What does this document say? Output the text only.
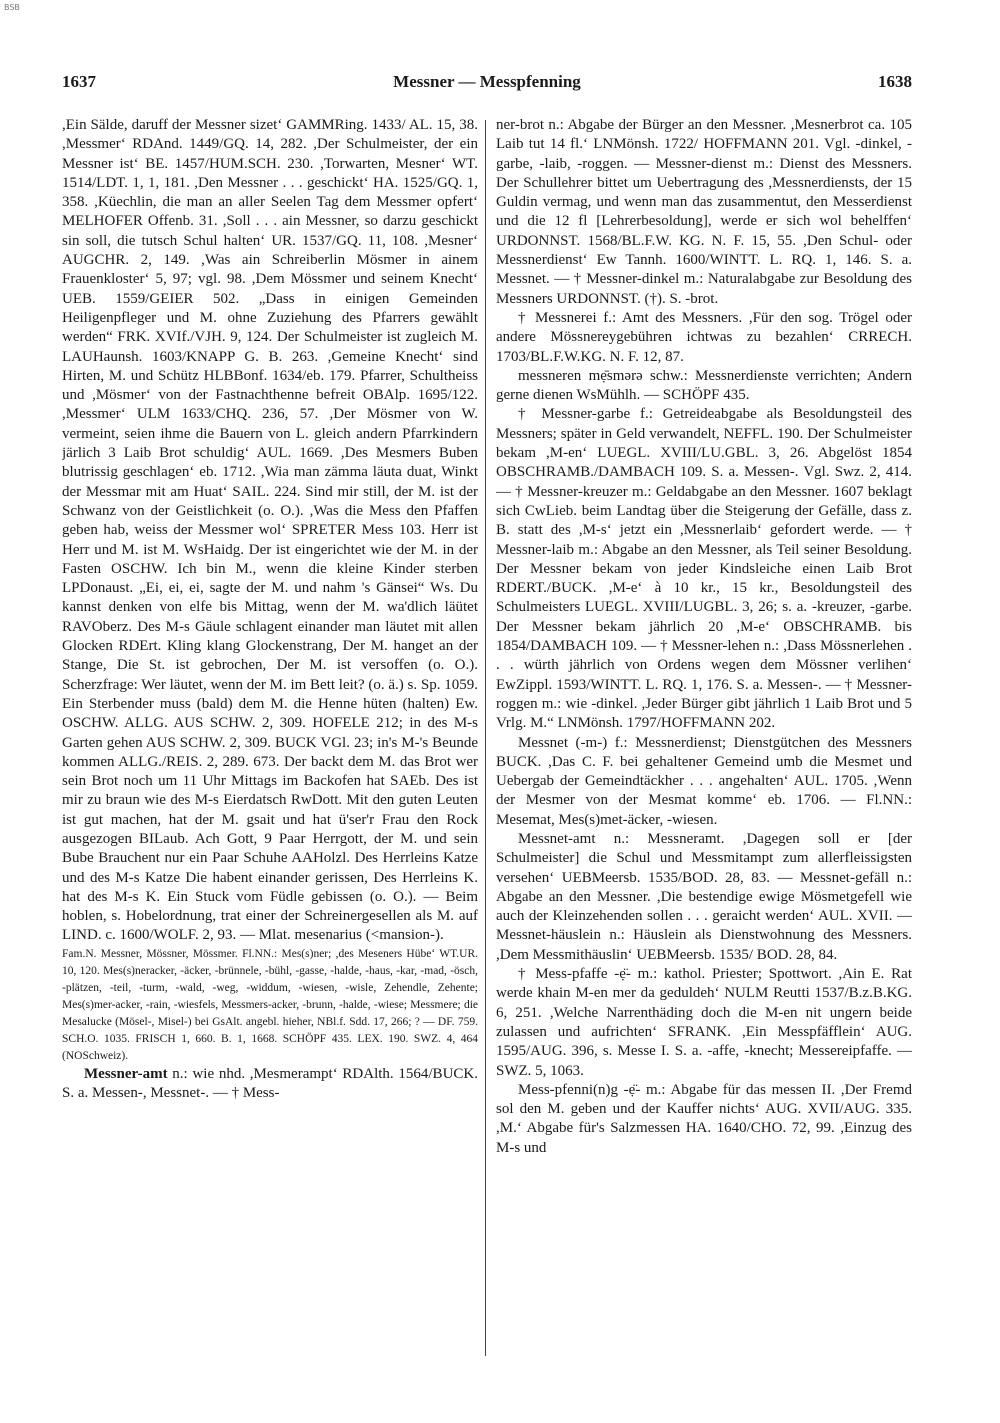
BSB
1637	Messner — Messpfenning	1638

,Ein Sälde, daruff der Messner sizet‘ GAMMRing. 1433/ AL. 15, 38. ,Messmer‘ RDAnd. 1449/GQ. 14, 282. ,Der Schulmeister, der ein Messner ist‘ BE. 1457/HUM.SCH. 230. ,Torwarten, Mesner‘ WT. 1514/LDT. 1, 1, 181. ,Den Messner . . . geschickt‘ HA. 1525/GQ. 1, 358. ,Küechlin, die man an aller Seelen Tag dem Messmer opfert‘ MELHOFER Offenb. 31. ,Soll . . . ain Messner, so darzu geschickt sin soll, die tutsch Schul halten‘ UR. 1537/GQ. 11, 108. ,Mesner‘ AUGCHR. 2, 149. ,Was ain Schreiberlin Mösmer in ainem Frauenkloster‘ 5, 97; vgl. 98. ,Dem Mössmer und seinem Knecht‘ UEB. 1559/GEIER 502. „Dass in einigen Gemeinden Heiligenpfleger und M. ohne Zuziehung des Pfarrers gewählt werden“ FRK. XVIf./VJH. 9, 124. Der Schulmeister ist zugleich M. LAUHaunsh. 1603/KNAPP G. B. 263. ,Gemeine Knecht‘ sind Hirten, M. und Schütz HLBBonf. 1634/eb. 179. Pfarrer, Schultheiss und ,Mösmer‘ von der Fastnachthenne befreit OBAlp. 1695/122. ,Messmer‘ ULM 1633/CHQ. 236, 57. ,Der Mösmer von W. vermeint, seien ihme die Bauern von L. gleich andern Pfarrkindern järlich 3 Laib Brot schuldig‘ AUL. 1669. ,Des Mesmers Buben blutrissig geschlagen‘ eb. 1712. ,Wia man zämma läuta duat, Winkt der Messmar mit am Huat‘ SAIL. 224. Sind mir still, der M. ist der Schwanz von der Geistlichkeit (o. O.). ,Was die Mess den Pfaffen geben hab, weiss der Messmer wol‘ SPRETER Mess 103. Herr ist Herr und M. ist M. WsHaidg. Der ist eingerichtet wie der M. in der Fasten OSCHW. Ich bin M., wenn die kleine Kinder sterben LPDonaust. „Ei, ei, ei, sagte der M. und nahm 's Gänsei“ Ws. Du kannst denken von elfe bis Mittag, wenn der M. wa'dlich läütet RAVOberz. Des M-s Gäule schlagent einander man läutet mit allen Glocken RDErt. Kling klang Glockenstrang, Der M. hanget an der Stange, Die St. ist gebrochen, Der M. ist versoffen (o. O.). Scherzfrage: Wer läutet, wenn der M. im Bett leit? (o. ä.) s. Sp. 1059. Ein Sterbender muss (bald) dem M. die Henne hüten (halten) Ew. OSCHW. ALLG. AUS SCHW. 2, 309. HOFELE 212; in des M-s Garten gehen AUS SCHW. 2, 309. BUCK VGl. 23; in's M-'s Beunde kommen ALLG./REIS. 2, 289. 673. Der backt dem M. das Brot wer sein Brot noch um 11 Uhr Mittags im Backofen hat SAEb. Des ist mir zu braun wie des M-s Eierdatsch RwDott. Mit den guten Leuten ist gut machen, hat der M. gsait und hat ü'ser'r Frau den Rock ausgezogen BILaub. Ach Gott, 9 Paar Herrgott, der M. und sein Bube Brauchent nur ein Paar Schuhe AAHolzl. Des Herrleins Katze und des M-s Katze Die habent einander gerissen, Des Herrleins K. hat des M-s K. Ein Stuck vom Füdle gebissen (o. O.). — Beim hoblen, s. Hobelordnung, trat einer der Schreinergesellen als M. auf LIND. c. 1600/WOLF. 2, 93. — Mlat. mesenarius (<mansion-).

Fam.N. Messner, Mössner, Mössmer. Fl.NN.: Mes(s)ner; ,des Meseners Hübe‘ WT.UR. 10, 120. Mes(s)neracker, -äcker, -brünnele, -bühl, -gasse, -halde, -haus, -kar, -mad, -ösch, -plätzen, -teil, -turm, -wald, -weg, -widdum, -wiesen, -wisle, Zehendle, Zehente; Mes(s)mer-acker, -rain, -wiesfels, Messmers-acker, -brunn, -halde, -wiese; Messmere; die Mesalucke (Mösel-, Misel-) bei GsAlt. angebl. hieher, NBl.f. Sdd. 17, 266; ? — DF. 759. SCH.O. 1035. FRISCH 1, 660. B. 1, 1668. SCHÖPF 435. LEX. 190. SWZ. 4, 464 (NOSchweiz).

Messner-amt n.: wie nhd. ,Mesmerampt‘ RDAlth. 1564/BUCK. S. a. Messen-, Messnet-. — † Mess-

ner-brot n.: Abgabe der Bürger an den Messner. ,Mesnerbrot ca. 105 Laib tut 14 fl.‘ LNMönsh. 1722/ HOFFMANN 201. Vgl. -dinkel, -garbe, -laib, -roggen. — Messner-dienst m.: Dienst des Messners. Der Schullehrer bittet um Uebertragung des ,Messnerdiensts, der 15 Guldin vermag, und wenn man das zusammentut, den Messerdienst und die 12 fl [Lehrerbesoldung], werde er sich wol behelffen‘ URDONNST. 1568/BL.F.W. KG. N. F. 15, 55. ,Den Schul- oder Messnerdienst‘ Ew Tannh. 1600/WINTT. L. RQ. 1, 146. S. a. Messnet. — † Messner-dinkel m.: Naturalabgabe zur Besoldung des Messners URDONNST. (†). S. -brot.

† Messnerei f.: Amt des Messners. ,Für den sog. Trögel oder andere Mössnereygebühren ichtwas zu bezahlen‘ CRRECH. 1703/BL.F.W.KG. N. F. 12, 87.

messneren mẹ̄smərə schw.: Messnerdienste verrichten; Andern gerne dienen WsMühlh. — SCHÖPF 435.

† Messner-garbe f.: Getreideabgabe als Besoldungsteil des Messners; später in Geld verwandelt, NEFFL. 190. Der Schulmeister bekam ,M-en‘ LUEGL. XVIII/LU.GBL. 3, 26. Abgelöst 1854 OBSCHRAMB./DAMBACH 109. S. a. Messen-. Vgl. Swz. 2, 414. — † Messner-kreuzer m.: Geldabgabe an den Messner. 1607 beklagt sich CwLieb. beim Landtag über die Steigerung der Gefälle, dass z. B. statt des ,M-s‘ jetzt ein ,Messnerlaib‘ gefordert werde. — † Messner-laib m.: Abgabe an den Messner, als Teil seiner Besoldung. Der Messner bekam von jeder Kindsleiche einen Laib Brot RDERT./BUCK. ,M-e‘ à 10 kr., 15 kr., Besoldungsteil des Schulmeisters LUEGL. XVIII/LUGBL. 3, 26; s. a. -kreuzer, -garbe. Der Messner bekam jährlich 20 ,M-e‘ OBSCHRAMB. bis 1854/DAMBACH 109. — † Messner-lehen n.: ,Dass Mössnerlehen . . . würth jährlich von Ordens wegen dem Mössner verlihen‘ EwZippl. 1593/WINTT. L. RQ. 1, 176. S. a. Messen-. — † Messner-roggen m.: wie -dinkel. ,Jeder Bürger gibt jährlich 1 Laib Brot und 5 Vrlg. M.“ LNMönsh. 1797/HOFFMANN 202.

Messnet (-m-) f.: Messnerdienst; Dienstgütchen des Messners BUCK. ,Das C. F. bei gehaltener Gemeind umb die Mesmet und Uebergab der Gemeindtäckher . . . angehalten‘ AUL. 1705. ,Wenn der Mesmer von der Mesmat komme‘ eb. 1706. — Fl.NN.: Mesemat, Mes(s)met-äcker, -wiesen.

Messnet-amt n.: Messneramt. ,Dagegen soll er [der Schulmeister] die Schul und Messmitampt zum allerfleissigsten versehen‘ UEBMeersb. 1535/BOD. 28, 83. — Messnet-gefäll n.: Abgabe an den Messner. ,Die bestendige ewige Mösmetgefell wie auch der Kleinzehenden sollen . . . geraicht werden‘ AUL. XVII. — Messnet-häuslein n.: Häuslein als Dienstwohnung des Messners. ,Dem Messmithäuslin‘ UEBMeersb. 1535/ BOD. 28, 84.

† Mess-pfaffe -ẹ̈- m.: kathol. Priester; Spottwort. ,Ain E. Rat werde khain M-en mer da geduldeh‘ NULM Reutti 1537/B.z.B.KG. 6, 251. ,Welche Narrenthäding doch die M-en nit ungern beide zulassen und aufrichten‘ SFRANK. ,Ein Messpfäfflein‘ AUG. 1595/AUG. 396, s. Messe I. S. a. -affe, -knecht; Messereipfaffe. — SWZ. 5, 1063.

Mess-pfenni(n)g -ẹ̈- m.: Abgabe für das messen II. ,Der Fremd sol den M. geben und der Kauffer nichts‘ AUG. XVII/AUG. 335. ,M.‘ Abgabe für's Salzmessen HA. 1640/CHO. 72, 99. ,Einzug des M-s und
